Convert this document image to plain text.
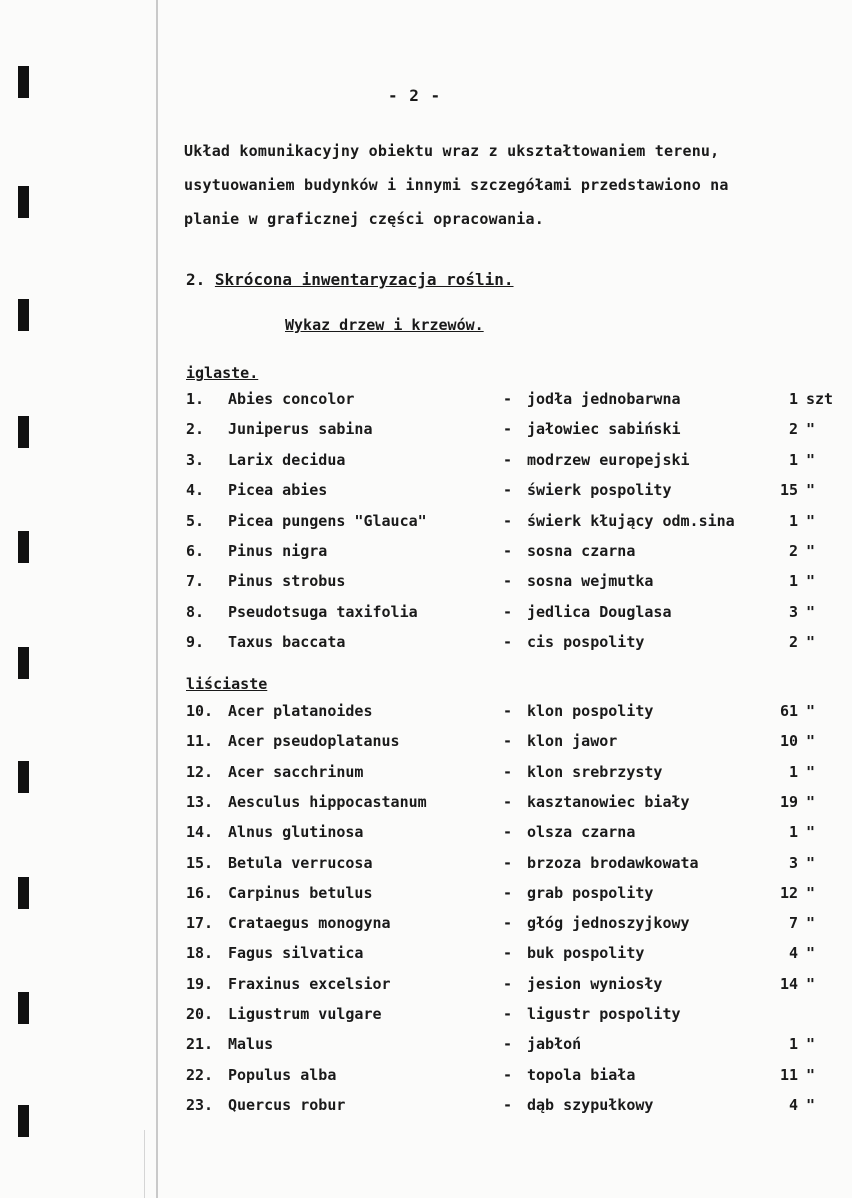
- 2 -
Układ komunikacyjny obiektu wraz z ukształtowaniem terenu,
usytuowaniem budynków i innymi szczegółami przedstawiono na
planie w graficznej części opracowania.
2. Skrócona inwentaryzacja roślin.
Wykaz drzew i krzewów.
iglaste.
1.	Abies concolor	- jodła jednobarwna	1 szt
2.	Juniperus sabina	- jałowiec sabiński	2 "
3.	Larix decidua	- modrzew europejski	1 "
4.	Picea abies	- świerk pospolity	15 "
5.	Picea pungens "Glauca"	- świerk kłujący odm.sina	1 "
6.	Pinus nigra	- sosna czarna	2 "
7.	Pinus strobus	- sosna wejmutka	1 "
8.	Pseudotsuga taxifolia	- jedlica Douglasa	3 "
9.	Taxus baccata	- cis pospolity	2 "
liściaste
10. Acer platanoides	- klon pospolity	61 "
11. Acer pseudoplatanus	- klon jawor	10 "
12. Acer sacchrinum	- klon srebrzysty	1 "
13. Aesculus hippocastanum	- kasztanowiec biały	19 "
14. Alnus glutinosa	- olsza czarna	1 "
15. Betula verrucosa	- brzoza brodawkowata	3 "
16. Carpinus betulus	- grab pospolity	12 "
17. Crataegus monogyna	- głóg jednoszyjkowy	7 "
18. Fagus silvatica	- buk pospolity	4 "
19. Fraxinus excelsior	- jesion wyniosły	14 "
20. Ligustrum vulgare	- ligustr pospolity
21. Malus	- jabłoń	1 "
22. Populus alba	- topola biała	11 "
23. Quercus robur	- dąb szypułkowy	4 "
